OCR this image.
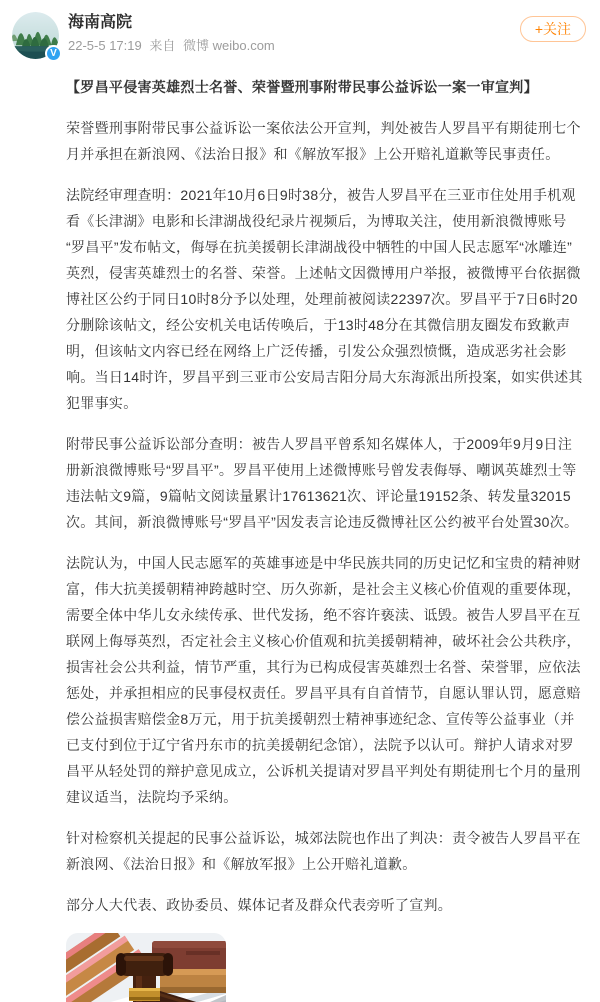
V
海南高院
22-5-5 17:19 来自 微博 weibo.com
+关注
【罗昌平侵害英雄烈士名誉、荣誉暨刑事附带民事公益诉讼一案一审宣判】

荣誉暨刑事附带民事公益诉讼一案依法公开宣判，判处被告人罗昌平有期徒刑七个月并承担在新浪网、《法治日报》和《解放军报》上公开赔礼道歉等民事责任。

法院经审理查明：2021年10月6日9时38分，被告人罗昌平在三亚市住处用手机观看《长津湖》电影和长津湖战役纪录片视频后，为博取关注，使用新浪微博账号“罗昌平”发布帖文，侮辱在抗美援朝长津湖战役中牺牲的中国人民志愿军“冰雕连”英烈，侵害英雄烈士的名誉、荣誉。上述帖文因微博用户举报，被微博平台依据微博社区公约于同日10时8分予以处理，处理前被阅读22397次。罗昌平于7日6时20分删除该帖文，经公安机关电话传唤后，于13时48分在其微信朋友圈发布致歉声明，但该帖文内容已经在网络上广泛传播，引发公众强烈愤慨，造成恶劣社会影响。当日14时许，罗昌平到三亚市公安局吉阳分局大东海派出所投案，如实供述其犯罪事实。

附带民事公益诉讼部分查明：被告人罗昌平曾系知名媒体人，于2009年9月9日注册新浪微博账号“罗昌平”。罗昌平使用上述微博账号曾发表侮辱、嘲讽英雄烈士等违法帖文9篇，9篇帖文阅读量累计17613621次、评论量19152条、转发量32015次。其间，新浪微博账号“罗昌平”因发表言论违反微博社区公约被平台处置30次。

法院认为，中国人民志愿军的英雄事迹是中华民族共同的历史记忆和宝贵的精神财富，伟大抗美援朝精神跨越时空、历久弥新，是社会主义核心价值观的重要体现，需要全体中华儿女永续传承、世代发扬，绝不容许亵渎、诋毁。被告人罗昌平在互联网上侮辱英烈，否定社会主义核心价值观和抗美援朝精神，破坏社会公共秩序，损害社会公共利益，情节严重，其行为已构成侵害英雄烈士名誉、荣誉罪，应依法惩处，并承担相应的民事侵权责任。罗昌平具有自首情节，自愿认罪认罚，愿意赔偿公益损害赔偿金8万元，用于抗美援朝烈士精神事迹纪念、宣传等公益事业（并已支付到位于辽宁省丹东市的抗美援朝纪念馆），法院予以认可。辩护人请求对罗昌平从轻处罚的辩护意见成立，公诉机关提请对罗昌平判处有期徒刑七个月的量刑建议适当，法院均予采纳。

针对检察机关提起的民事公益诉讼，城郊法院也作出了判决：责令被告人罗昌平在新浪网、《法治日报》和《解放军报》上公开赔礼道歉。

部分人大代表、政协委员、媒体记者及群众代表旁听了宣判。
